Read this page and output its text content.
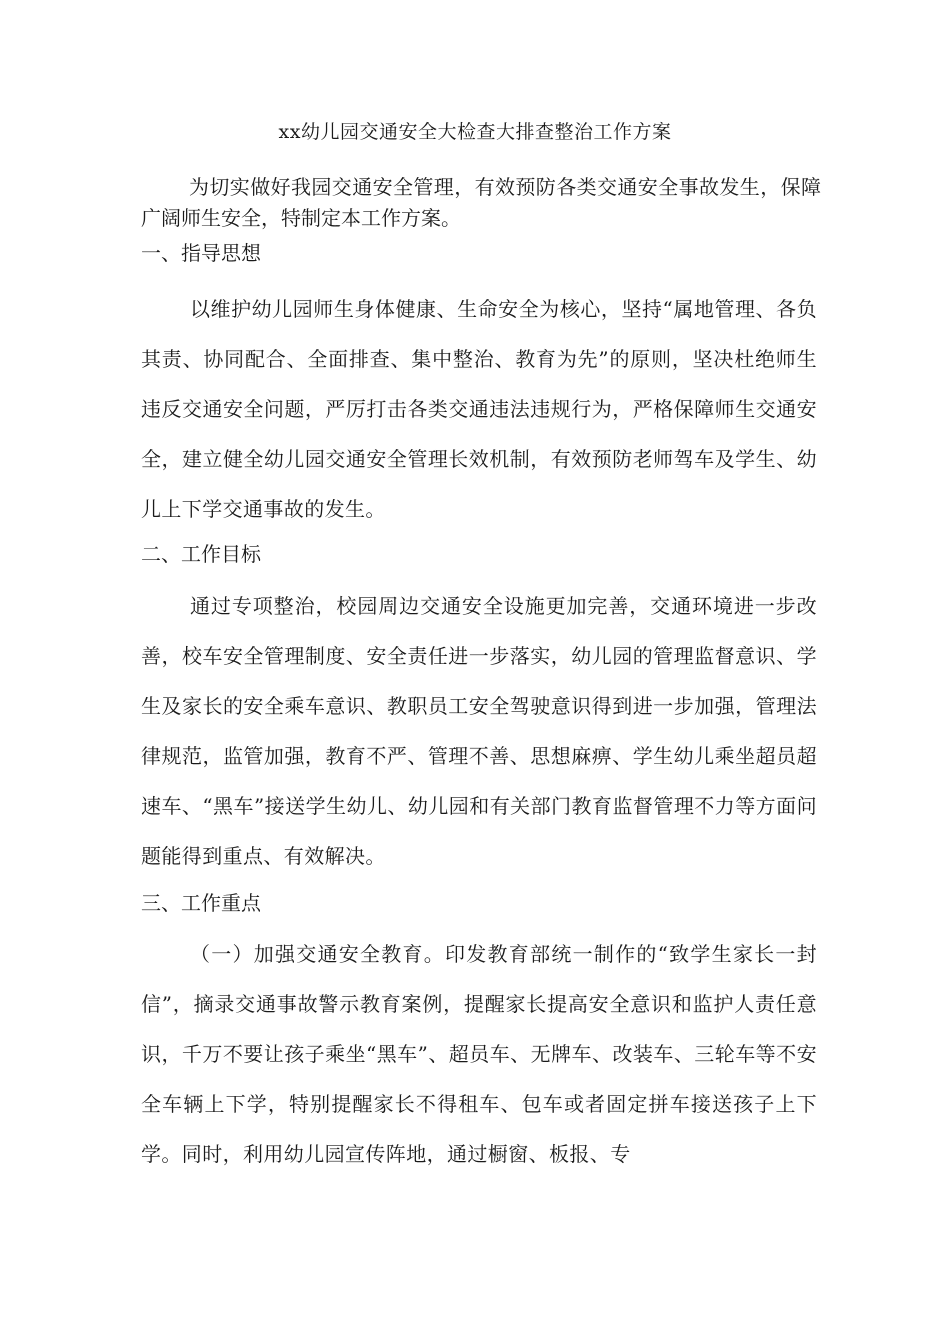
xx幼儿园交通安全大检查大排查整治工作方案
为切实做好我园交通安全管理，有效预防各类交通安全事故发生，保障广阔师生安全，特制定本工作方案。
一、指导思想
以维护幼儿园师生身体健康、生命安全为核心，坚持“属地管理、各负其责、协同配合、全面排查、集中整治、教育为先”的原则，坚决杜绝师生违反交通安全问题，严厉打击各类交通违法违规行为，严格保障师生交通安全，建立健全幼儿园交通安全管理长效机制，有效预防老师驾车及学生、幼儿上下学交通事故的发生。
二、工作目标
通过专项整治，校园周边交通安全设施更加完善，交通环境进一步改善，校车安全管理制度、安全责任进一步落实，幼儿园的管理监督意识、学生及家长的安全乘车意识、教职员工安全驾驶意识得到进一步加强，管理法律规范，监管加强，教育不严、管理不善、思想麻痹、学生幼儿乘坐超员超速车、“黑车”接送学生幼儿、幼儿园和有关部门教育监督管理不力等方面问题能得到重点、有效解决。
三、工作重点
（一）加强交通安全教育。印发教育部统一制作的“致学生家长一封信”，摘录交通事故警示教育案例，提醒家长提高安全意识和监护人责任意识，千万不要让孩子乘坐“黑车”、超员车、无牌车、改装车、三轮车等不安全车辆上下学，特别提醒家长不得租车、包车或者固定拼车接送孩子上下学。同时，利用幼儿园宣传阵地，通过橱窗、板报、专
